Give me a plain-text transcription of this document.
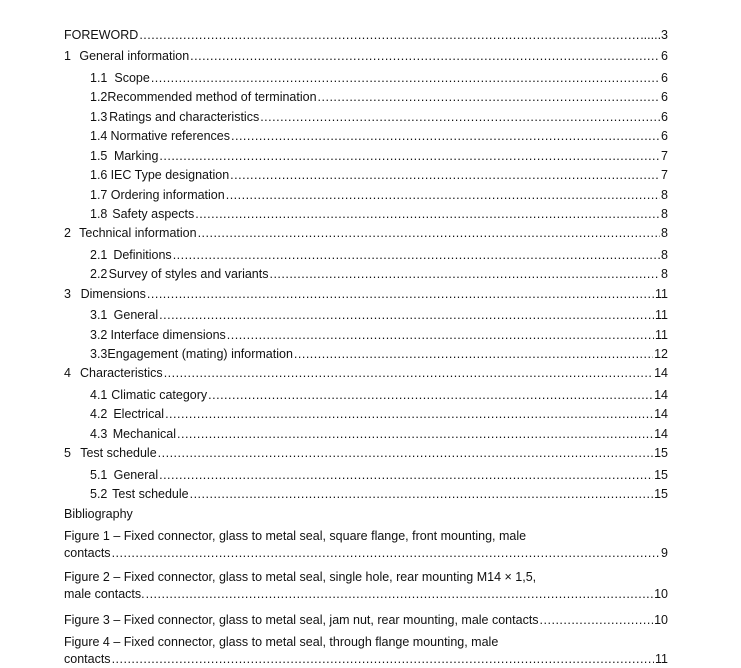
FOREWORD .....	......3
1 General information .....	6
1.1 Scope .....	6
1.2 Recommended method of termination .....	6
1.3 Ratings and characteristics .....	6
1.4 Normative references .....	6
1.5 Marking .....	7
1.6 IEC Type designation .....	7
1.7 Ordering information .....	8
1.8 Safety aspects .....	8
2 Technical information .....	8
2.1 Definitions .....	8
2.2 Survey of styles and variants .....	8
3 Dimensions .....	11
3.1 General .....	11
3.2 Interface dimensions .....	11
3.3 Engagement (mating) information .....	12
4 Characteristics .....	14
4.1 Climatic category .....	14
4.2 Electrical .....	14
4.3 Mechanical .....	14
5 Test schedule .....	15
5.1 General .....	15
5.2 Test schedule .....	15
Bibliography
Figure 1 – Fixed connector, glass to metal seal, square flange, front mounting, male
contacts .....	9
Figure 2 – Fixed connector, glass to metal seal, single hole, rear mounting M14 × 1,5,
male contacts. .....	10
Figure 3 – Fixed connector, glass to metal seal, jam nut, rear mounting, male contacts .....	10
Figure 4 – Fixed connector, glass to metal seal, through flange mounting, male
contacts .....	11
